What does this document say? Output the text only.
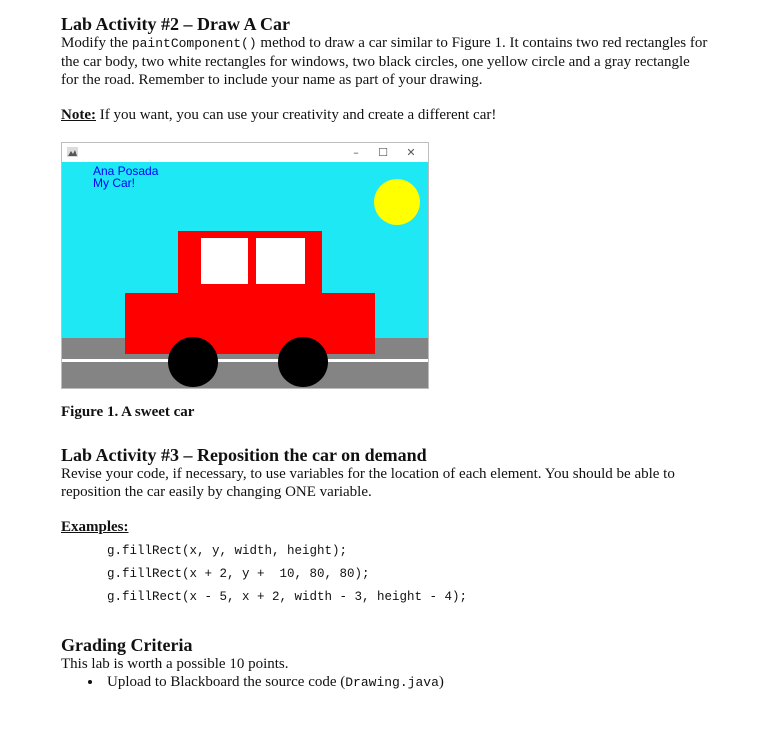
Lab Activity #2 – Draw A Car

Modify the paintComponent() method to draw a car similar to Figure 1. It contains two red rectangles for the car body, two white rectangles for windows, two black circles, one yellow circle and a gray rectangle for the road. Remember to include your name as part of your drawing.

Note: If you want, you can use your creativity and create a different car!

–	☐	✕
Ana Posada
My Car!
Figure 1. A sweet car
Lab Activity #3 – Reposition the car on demand

Revise your code, if necessary, to use variables for the location of each element. You should be able to reposition the car easily by changing ONE variable.

Examples:
g.fillRect(x, y, width, height);
g.fillRect(x + 2, y +  10, 80, 80);
g.fillRect(x - 5, x + 2, width - 3, height - 4);
Grading Criteria

This lab is worth a possible 10 points.

• Upload to Blackboard the source code (Drawing.java)
